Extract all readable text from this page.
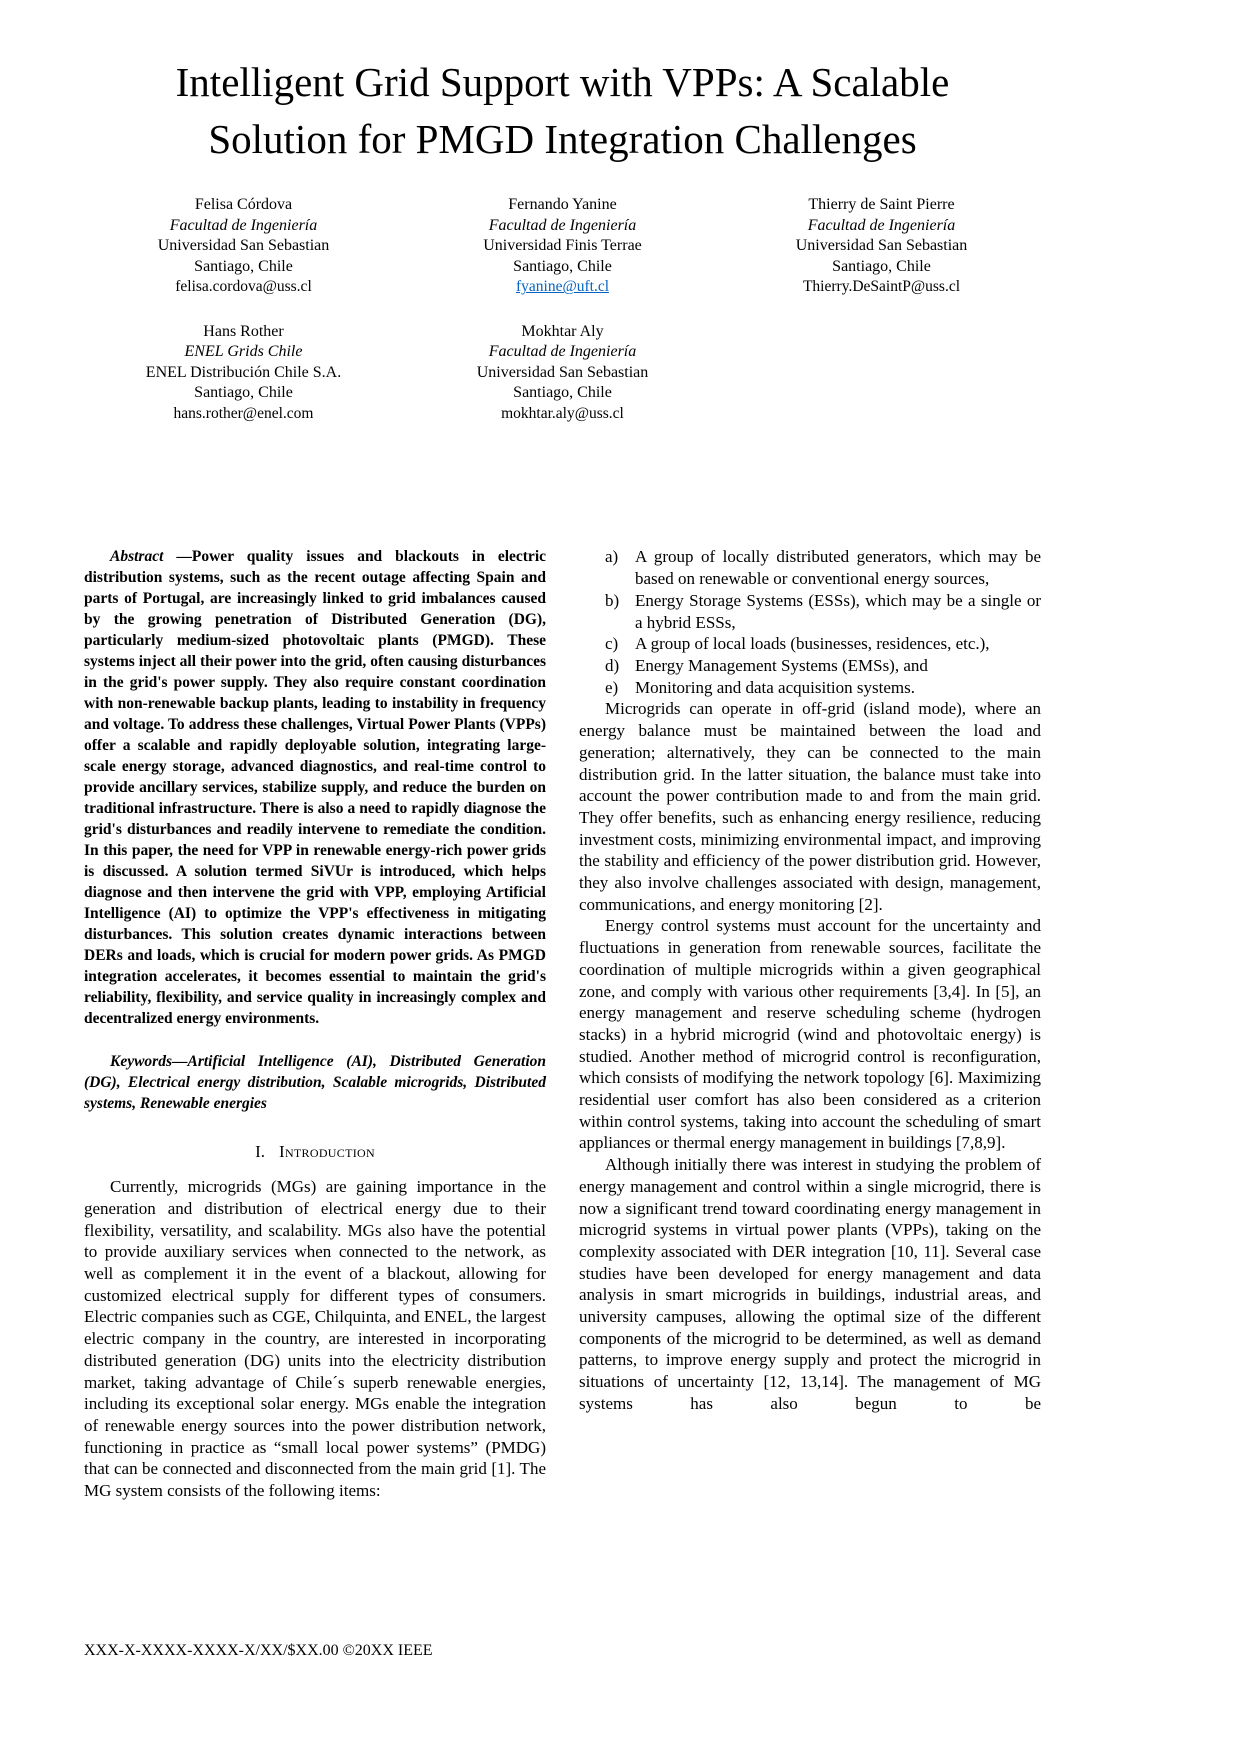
Intelligent Grid Support with VPPs: A Scalable
Solution for PMGD Integration Challenges
Felisa Córdova
Facultad de Ingeniería
Universidad San Sebastian
Santiago, Chile
felisa.cordova@uss.cl
Fernando Yanine
Facultad de Ingeniería
Universidad Finis Terrae
Santiago, Chile
fyanine@uft.cl
Thierry de Saint Pierre
Facultad de Ingeniería
Universidad San Sebastian
Santiago, Chile
Thierry.DeSaintP@uss.cl
Hans Rother
ENEL Grids Chile
ENEL Distribución Chile S.A.
Santiago, Chile
hans.rother@enel.com
Mokhtar Aly
Facultad de Ingeniería
Universidad San Sebastian
Santiago, Chile
mokhtar.aly@uss.cl

Abstract —Power quality issues and blackouts in electric distribution systems, such as the recent outage affecting Spain and parts of Portugal, are increasingly linked to grid imbalances caused by the growing penetration of Distributed Generation (DG), particularly medium-sized photovoltaic plants (PMGD). These systems inject all their power into the grid, often causing disturbances in the grid's power supply. They also require constant coordination with non-renewable backup plants, leading to instability in frequency and voltage. To address these challenges, Virtual Power Plants (VPPs) offer a scalable and rapidly deployable solution, integrating large-scale energy storage, advanced diagnostics, and real-time control to provide ancillary services, stabilize supply, and reduce the burden on traditional infrastructure. There is also a need to rapidly diagnose the grid's disturbances and readily intervene to remediate the condition. In this paper, the need for VPP in renewable energy-rich power grids is discussed. A solution termed SiVUr is introduced, which helps diagnose and then intervene the grid with VPP, employing Artificial Intelligence (AI) to optimize the VPP's effectiveness in mitigating disturbances. This solution creates dynamic interactions between DERs and loads, which is crucial for modern power grids. As PMGD integration accelerates, it becomes essential to maintain the grid's reliability, flexibility, and service quality in increasingly complex and decentralized energy environments.

Keywords—Artificial Intelligence (AI), Distributed Generation (DG), Electrical energy distribution, Scalable microgrids, Distributed systems, Renewable energies

I. Introduction

Currently, microgrids (MGs) are gaining importance in the generation and distribution of electrical energy due to their flexibility, versatility, and scalability. MGs also have the potential to provide auxiliary services when connected to the network, as well as complement it in the event of a blackout, allowing for customized electrical supply for different types of consumers. Electric companies such as CGE, Chilquinta, and ENEL, the largest electric company in the country, are interested in incorporating distributed generation (DG) units into the electricity distribution market, taking advantage of Chile´s superb renewable energies, including its exceptional solar energy. MGs enable the integration of renewable energy sources into the power distribution network, functioning in practice as “small local power systems” (PMDG) that can be connected and disconnected from the main grid [1]. The MG system consists of the following items:

a) A group of locally distributed generators, which may be based on renewable or conventional energy sources,
b) Energy Storage Systems (ESSs), which may be a single or a hybrid ESSs,
c) A group of local loads (businesses, residences, etc.),
d) Energy Management Systems (EMSs), and
e) Monitoring and data acquisition systems.

Microgrids can operate in off-grid (island mode), where an energy balance must be maintained between the load and generation; alternatively, they can be connected to the main distribution grid. In the latter situation, the balance must take into account the power contribution made to and from the main grid. They offer benefits, such as enhancing energy resilience, reducing investment costs, minimizing environmental impact, and improving the stability and efficiency of the power distribution grid. However, they also involve challenges associated with design, management, communications, and energy monitoring [2].

Energy control systems must account for the uncertainty and fluctuations in generation from renewable sources, facilitate the coordination of multiple microgrids within a given geographical zone, and comply with various other requirements [3,4]. In [5], an energy management and reserve scheduling scheme (hydrogen stacks) in a hybrid microgrid (wind and photovoltaic energy) is studied. Another method of microgrid control is reconfiguration, which consists of modifying the network topology [6]. Maximizing residential user comfort has also been considered as a criterion within control systems, taking into account the scheduling of smart appliances or thermal energy management in buildings [7,8,9].

Although initially there was interest in studying the problem of energy management and control within a single microgrid, there is now a significant trend toward coordinating energy management in microgrid systems in virtual power plants (VPPs), taking on the complexity associated with DER integration [10, 11]. Several case studies have been developed for energy management and data analysis in smart microgrids in buildings, industrial areas, and university campuses, allowing the optimal size of the different components of the microgrid to be determined, as well as demand patterns, to improve energy supply and protect the microgrid in situations of uncertainty [12, 13,14]. The management of MG systems has also begun to be

XXX-X-XXXX-XXXX-X/XX/$XX.00 ©20XX IEEE
